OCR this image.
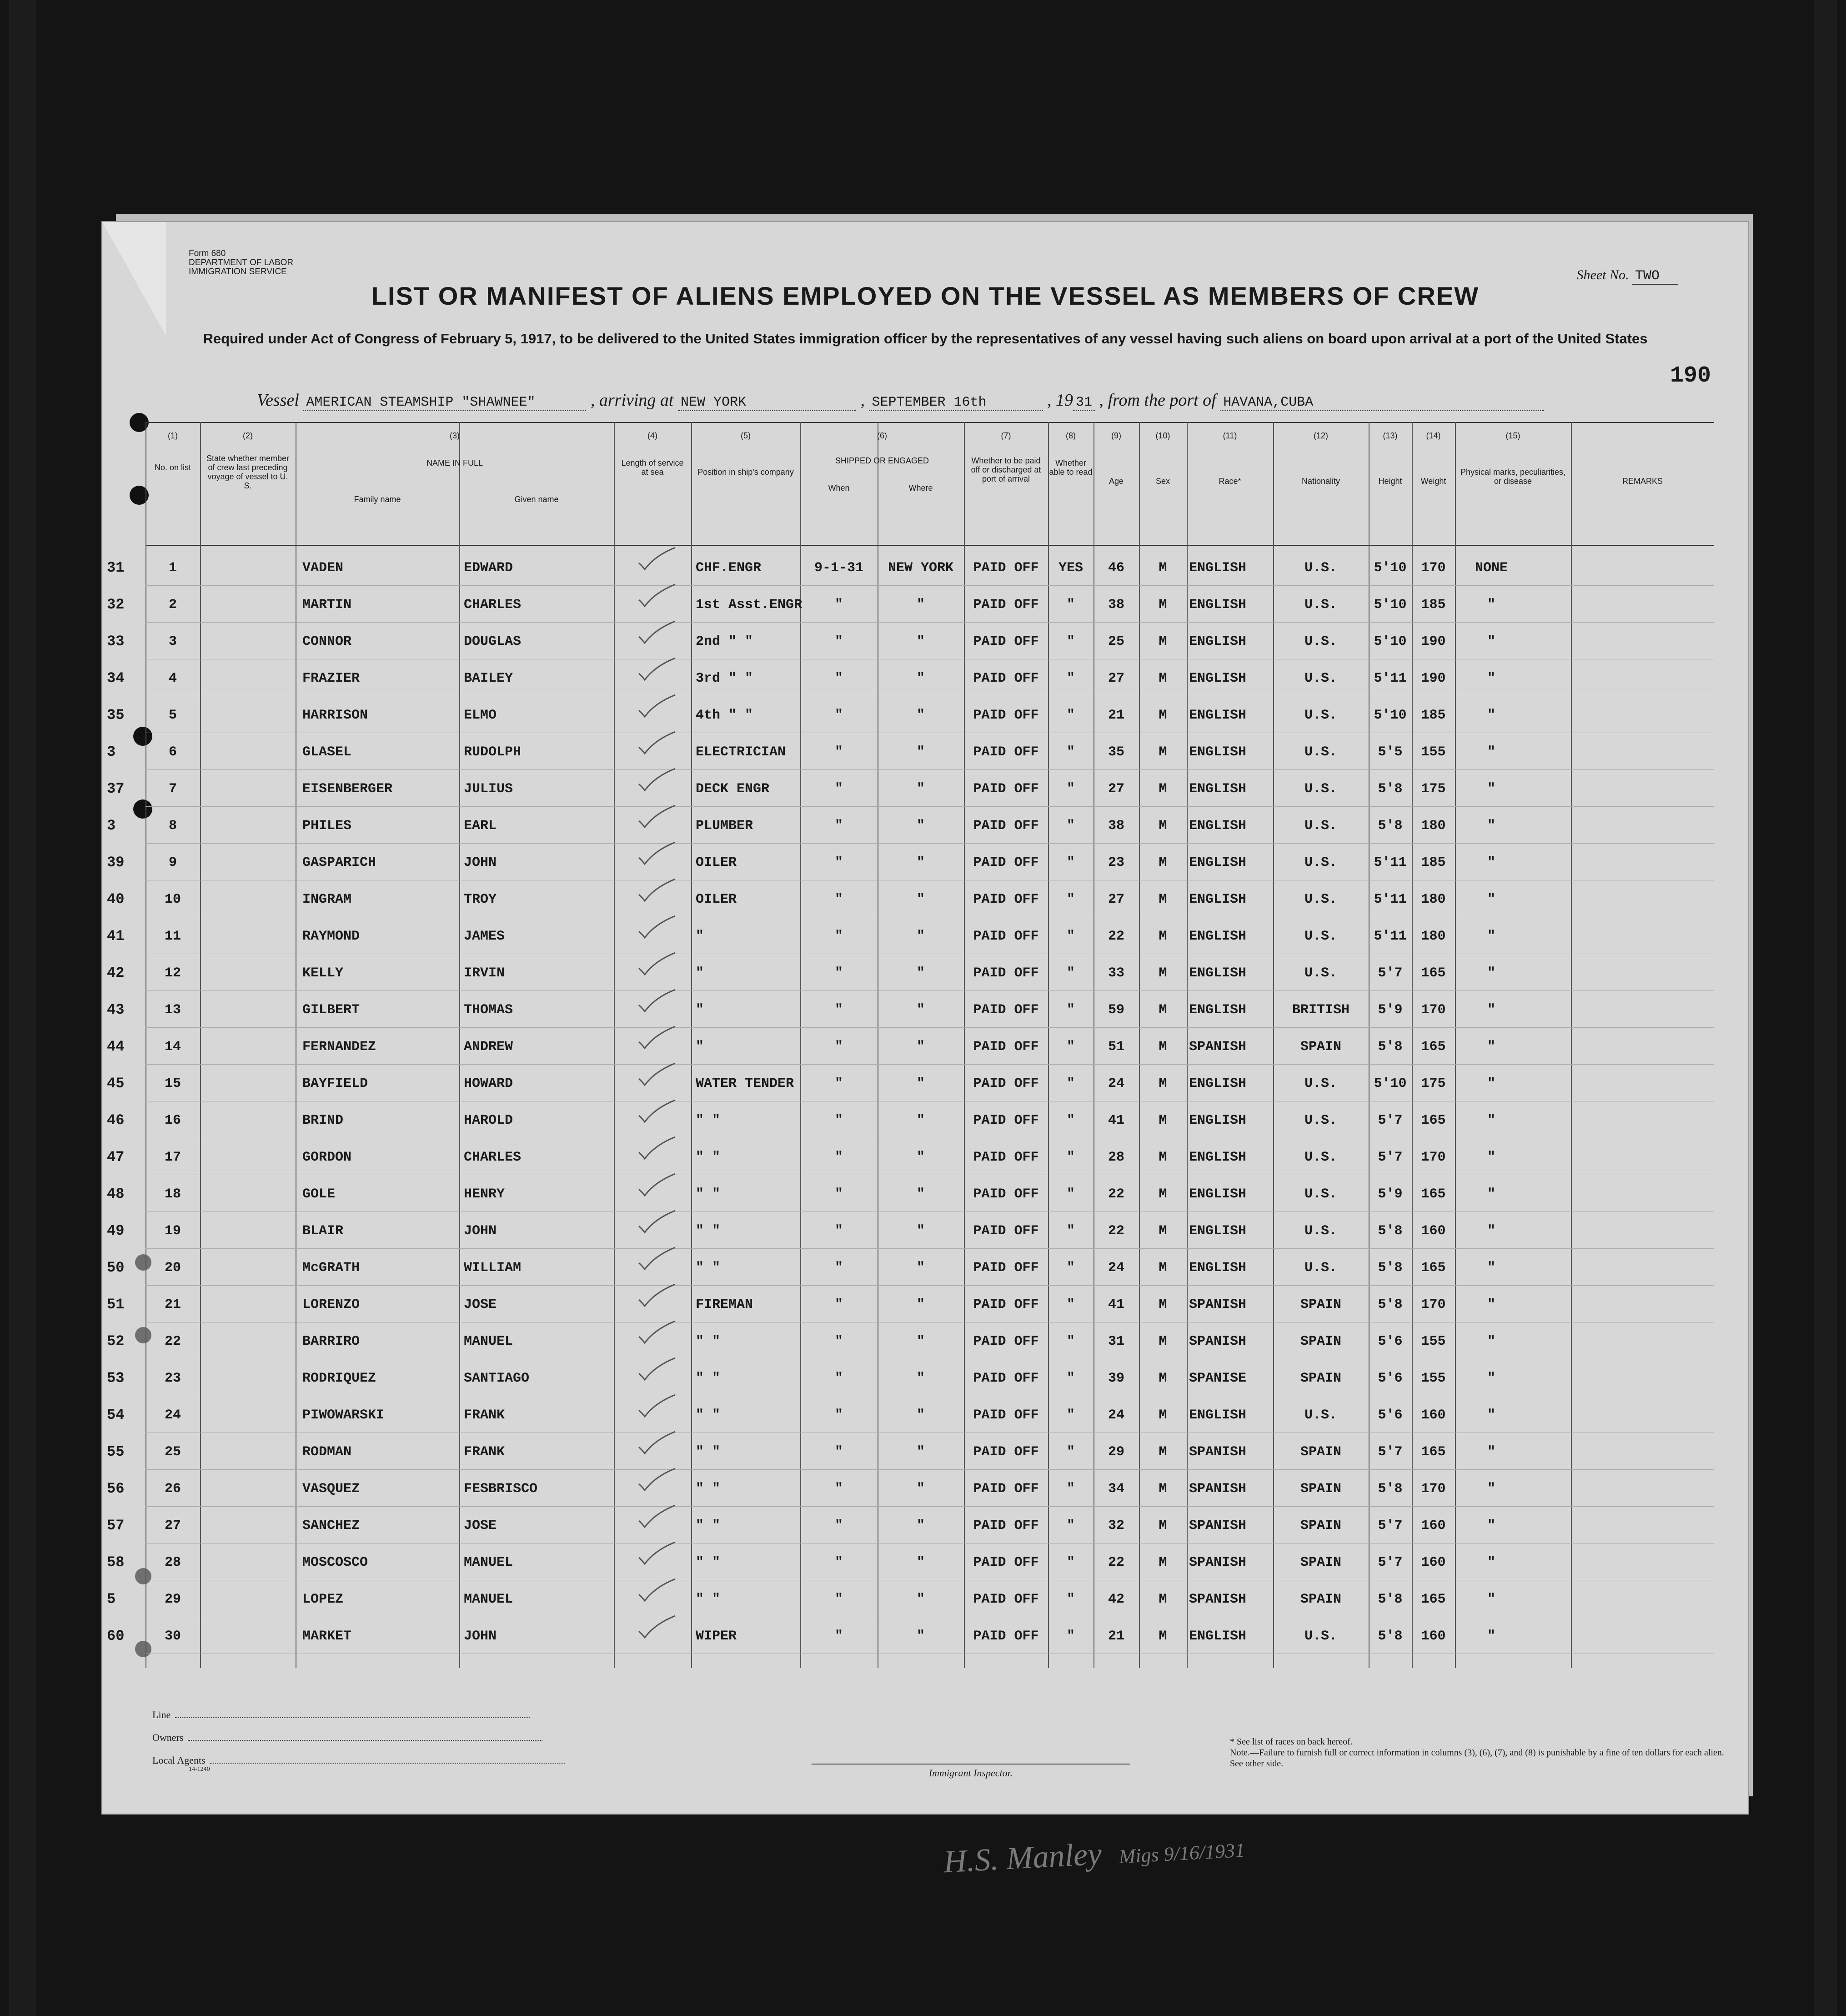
Form 680
DEPARTMENT OF LABOR
IMMIGRATION SERVICE	Sheet No. TWO
LIST OR MANIFEST OF ALIENS EMPLOYED ON THE VESSEL AS MEMBERS OF CREW
Required under Act of Congress of February 5, 1917, to be delivered to the United States immigration officer by the representatives of any vessel having such aliens on board upon arrival at a port of the United States
190
Vessel AMERICAN STEAMSHIP "SHAWNEE"	, arriving at NEW YORK	, SEPTEMBER 16th	, 19 31 , from the port of HAVANA,CUBA
(1)
No. on list
(2)
State whether member of crew last preceding voyage of vessel to U. S.
(3)
NAME IN FULL
Family name	Given name
(4)
Length of service at sea
(5)
Position in ship's company
(6)
SHIPPED OR ENGAGED
When	Where
(7)
Whether to be paid off or discharged at port of arrival
(8)
Whether able to read
(9)
Age
(10)
Sex
(11)
Race*
(12)
Nationality
(13)
Height
(14)
Weight
(15)
Physical marks, peculiarities, or disease	REMARKS
31	1	VADEN	EDWARD	CHF.ENGR	9-1-31	NEW YORK	PAID OFF	YES	46	M	ENGLISH	U.S.	5'10	170	NONE
32	2	MARTIN	CHARLES	1st Asst.ENGR	"	"	PAID OFF	"	38	M	ENGLISH	U.S.	5'10	185	"
33	3	CONNOR	DOUGLAS	2nd " "	"	"	PAID OFF	"	25	M	ENGLISH	U.S.	5'10	190	"
34	4	FRAZIER	BAILEY	3rd " "	"	"	PAID OFF	"	27	M	ENGLISH	U.S.	5'11	190	"
35	5	HARRISON	ELMO	4th " "	"	"	PAID OFF	"	21	M	ENGLISH	U.S.	5'10	185	"
3	6	GLASEL	RUDOLPH	ELECTRICIAN	"	"	PAID OFF	"	35	M	ENGLISH	U.S.	5'5	155	"
37	7	EISENBERGER	JULIUS	DECK ENGR	"	"	PAID OFF	"	27	M	ENGLISH	U.S.	5'8	175	"
3	8	PHILES	EARL	PLUMBER	"	"	PAID OFF	"	38	M	ENGLISH	U.S.	5'8	180	"
39	9	GASPARICH	JOHN	OILER	"	"	PAID OFF	"	23	M	ENGLISH	U.S.	5'11	185	"
40	10	INGRAM	TROY	OILER	"	"	PAID OFF	"	27	M	ENGLISH	U.S.	5'11	180	"
41	11	RAYMOND	JAMES	"	"	"	PAID OFF	"	22	M	ENGLISH	U.S.	5'11	180	"
42	12	KELLY	IRVIN	"	"	"	PAID OFF	"	33	M	ENGLISH	U.S.	5'7	165	"
43	13	GILBERT	THOMAS	"	"	"	PAID OFF	"	59	M	ENGLISH	BRITISH	5'9	170	"
44	14	FERNANDEZ	ANDREW	"	"	"	PAID OFF	"	51	M	SPANISH	SPAIN	5'8	165	"
45	15	BAYFIELD	HOWARD	WATER TENDER	"	"	PAID OFF	"	24	M	ENGLISH	U.S.	5'10	175	"
46	16	BRIND	HAROLD	" "	"	"	PAID OFF	"	41	M	ENGLISH	U.S.	5'7	165	"
47	17	GORDON	CHARLES	" "	"	"	PAID OFF	"	28	M	ENGLISH	U.S.	5'7	170	"
48	18	GOLE	HENRY	" "	"	"	PAID OFF	"	22	M	ENGLISH	U.S.	5'9	165	"
49	19	BLAIR	JOHN	" "	"	"	PAID OFF	"	22	M	ENGLISH	U.S.	5'8	160	"
50	20	McGRATH	WILLIAM	" "	"	"	PAID OFF	"	24	M	ENGLISH	U.S.	5'8	165	"
51	21	LORENZO	JOSE	FIREMAN	"	"	PAID OFF	"	41	M	SPANISH	SPAIN	5'8	170	"
52	22	BARRIRO	MANUEL	" "	"	"	PAID OFF	"	31	M	SPANISH	SPAIN	5'6	155	"
53	23	RODRIQUEZ	SANTIAGO	" "	"	"	PAID OFF	"	39	M	SPANISE	SPAIN	5'6	155	"
54	24	PIWOWARSKI	FRANK	" "	"	"	PAID OFF	"	24	M	ENGLISH	U.S.	5'6	160	"
55	25	RODMAN	FRANK	" "	"	"	PAID OFF	"	29	M	SPANISH	SPAIN	5'7	165	"
56	26	VASQUEZ	FESBRISCO	" "	"	"	PAID OFF	"	34	M	SPANISH	SPAIN	5'8	170	"
57	27	SANCHEZ	JOSE	" "	"	"	PAID OFF	"	32	M	SPANISH	SPAIN	5'7	160	"
58	28	MOSCOSCO	MANUEL	" "	"	"	PAID OFF	"	22	M	SPANISH	SPAIN	5'7	160	"
5	29	LOPEZ	MANUEL	" "	"	"	PAID OFF	"	42	M	SPANISH	SPAIN	5'8	165	"
60	30	MARKET	JOHN	WIPER	"	"	PAID OFF	"	21	M	ENGLISH	U.S.	5'8	160	"
H.S. Manley Migs 9/16/1931
Line
Owners
Local Agents
14-1240	Immigrant Inspector.
* See list of races on back hereof.
Note.—Failure to furnish full or correct information in columns (3), (6), (7), and (8) is punishable by a fine of ten dollars for each alien. See other side.
